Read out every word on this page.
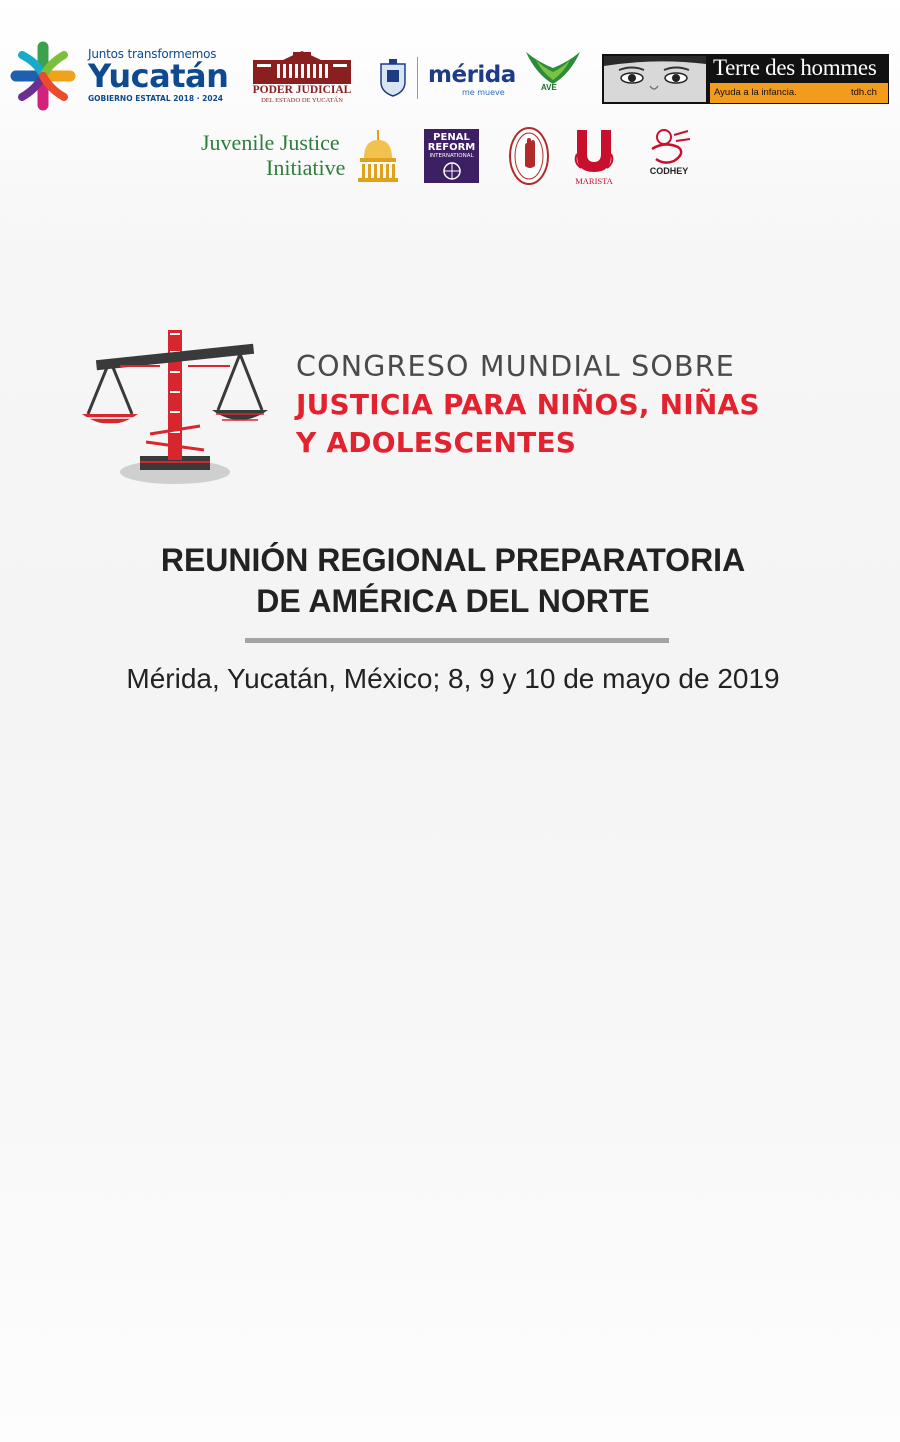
Juntos transformemos
Yucatán
GOBIERNO ESTATAL 2018 · 2024
PODER JUDICIAL
DEL ESTADO DE YUCATÁN
mérida
me mueve
AVE
Terre des hommes
Ayuda a la infancia.	tdh.ch
Juvenile Justice
Initiative
PENAL
REFORM
INTERNATIONAL
MARISTA
CODHEY
CONGRESO MUNDIAL SOBRE
JUSTICIA PARA NIÑOS, NIÑAS
Y ADOLESCENTES
REUNIÓN REGIONAL PREPARATORIA
DE AMÉRICA DEL NORTE
Mérida, Yucatán, México; 8, 9 y 10 de mayo de 2019
